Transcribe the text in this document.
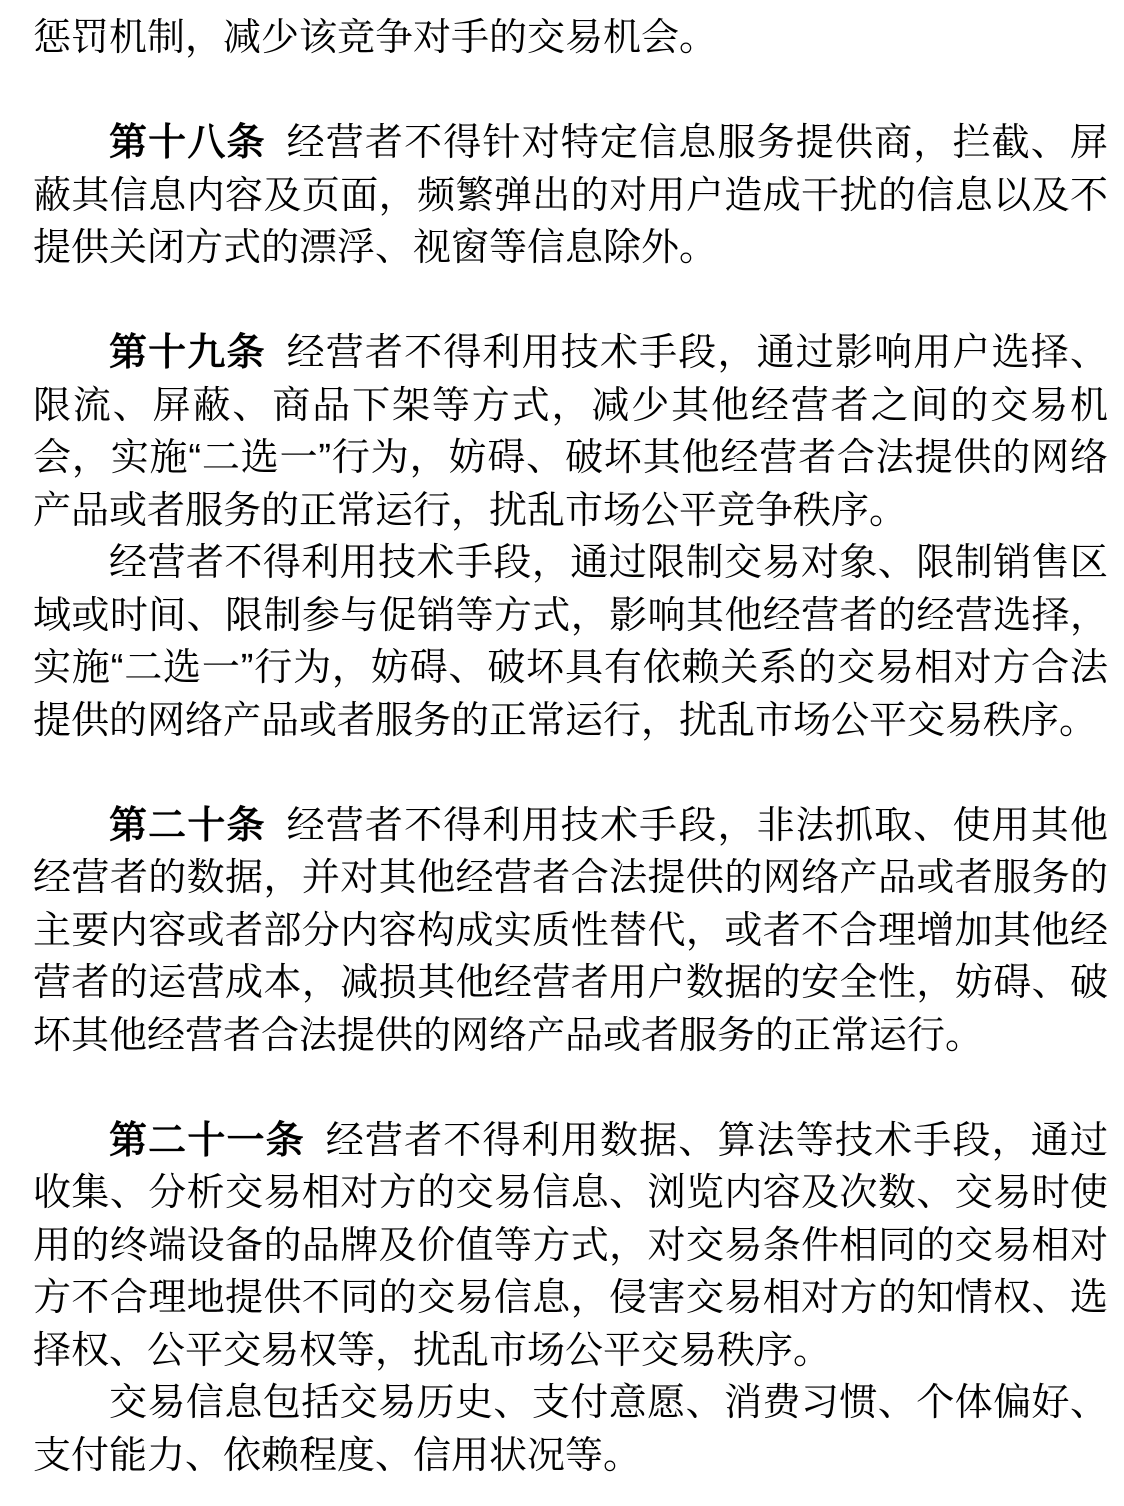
惩罚机制，减少该竞争对手的交易机会。

第十八条 经营者不得针对特定信息服务提供商，拦截、屏蔽其信息内容及页面，频繁弹出的对用户造成干扰的信息以及不提供关闭方式的漂浮、视窗等信息除外。

第十九条 经营者不得利用技术手段，通过影响用户选择、限流、屏蔽、商品下架等方式，减少其他经营者之间的交易机会，实施“二选一”行为，妨碍、破坏其他经营者合法提供的网络产品或者服务的正常运行，扰乱市场公平竞争秩序。

经营者不得利用技术手段，通过限制交易对象、限制销售区域或时间、限制参与促销等方式，影响其他经营者的经营选择，实施“二选一”行为，妨碍、破坏具有依赖关系的交易相对方合法提供的网络产品或者服务的正常运行，扰乱市场公平交易秩序。

第二十条 经营者不得利用技术手段，非法抓取、使用其他经营者的数据，并对其他经营者合法提供的网络产品或者服务的主要内容或者部分内容构成实质性替代，或者不合理增加其他经营者的运营成本，减损其他经营者用户数据的安全性，妨碍、破坏其他经营者合法提供的网络产品或者服务的正常运行。

第二十一条 经营者不得利用数据、算法等技术手段，通过收集、分析交易相对方的交易信息、浏览内容及次数、交易时使用的终端设备的品牌及价值等方式，对交易条件相同的交易相对方不合理地提供不同的交易信息，侵害交易相对方的知情权、选择权、公平交易权等，扰乱市场公平交易秩序。

交易信息包括交易历史、支付意愿、消费习惯、个体偏好、支付能力、依赖程度、信用状况等。
